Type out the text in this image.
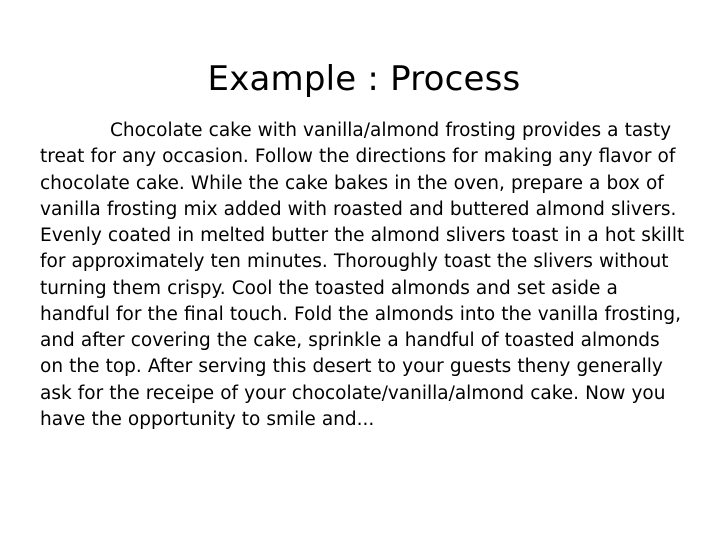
Example : Process

Chocolate cake with vanilla/almond frosting provides a tasty treat for any occasion. Follow the directions for making any flavor of chocolate cake. While the cake bakes in the oven, prepare a box of vanilla frosting mix added with roasted and buttered almond slivers. Evenly coated in melted butter the almond slivers toast in a hot skillt for approximately ten minutes. Thoroughly toast the slivers without turning them crispy. Cool the toasted almonds and set aside a handful for the final touch. Fold the almonds into the vanilla frosting, and after covering the cake, sprinkle a handful of toasted almonds on the top. After serving this desert to your guests theny generally ask for the receipe of your chocolate/vanilla/almond cake. Now you have the opportunity to smile and...
